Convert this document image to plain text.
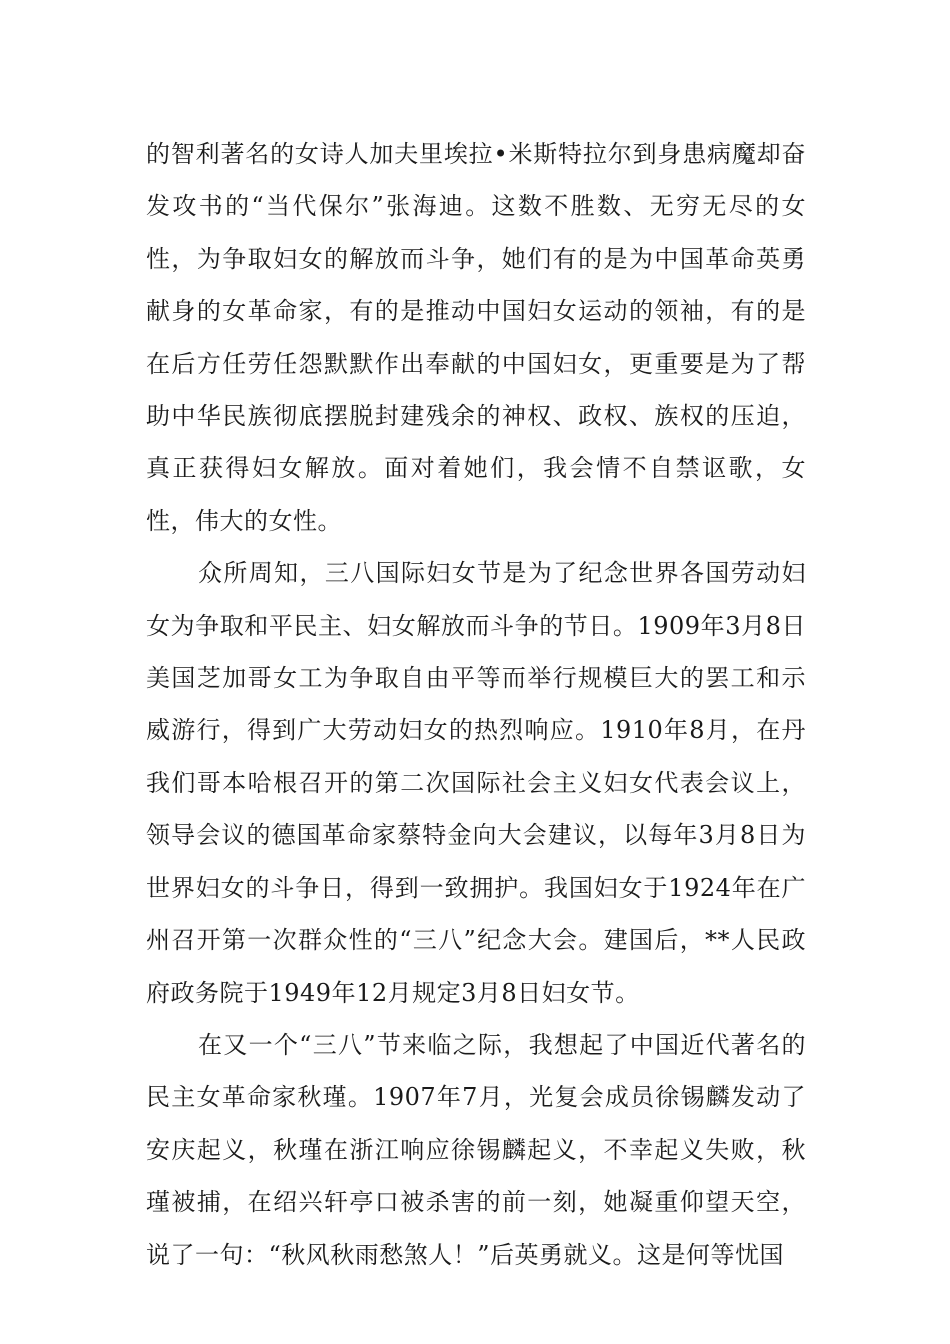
的智利著名的女诗人加夫里埃拉•米斯特拉尔到身患病魔却奋发攻书的“当代保尔”张海迪。这数不胜数、无穷无尽的女性，为争取妇女的解放而斗争，她们有的是为中国革命英勇献身的女革命家，有的是推动中国妇女运动的领袖，有的是在后方任劳任怨默默作出奉献的中国妇女，更重要是为了帮助中华民族彻底摆脱封建残余的神权、政权、族权的压迫，真正获得妇女解放。面对着她们，我会情不自禁讴歌，女性，伟大的女性。

众所周知，三八国际妇女节是为了纪念世界各国劳动妇女为争取和平民主、妇女解放而斗争的节日。1909年3月8日美国芝加哥女工为争取自由平等而举行规模巨大的罢工和示威游行，得到广大劳动妇女的热烈响应。1910年8月，在丹我们哥本哈根召开的第二次国际社会主义妇女代表会议上，领导会议的德国革命家蔡特金向大会建议，以每年3月8日为世界妇女的斗争日，得到一致拥护。我国妇女于1924年在广州召开第一次群众性的“三八”纪念大会。建国后，**人民政府政务院于1949年12月规定3月8日妇女节。

在又一个“三八”节来临之际，我想起了中国近代著名的民主女革命家秋瑾。1907年7月，光复会成员徐锡麟发动了安庆起义，秋瑾在浙江响应徐锡麟起义，不幸起义失败，秋瑾被捕，在绍兴轩亭口被杀害的前一刻，她凝重仰望天空，说了一句：“秋风秋雨愁煞人！”后英勇就义。这是何等忧国
